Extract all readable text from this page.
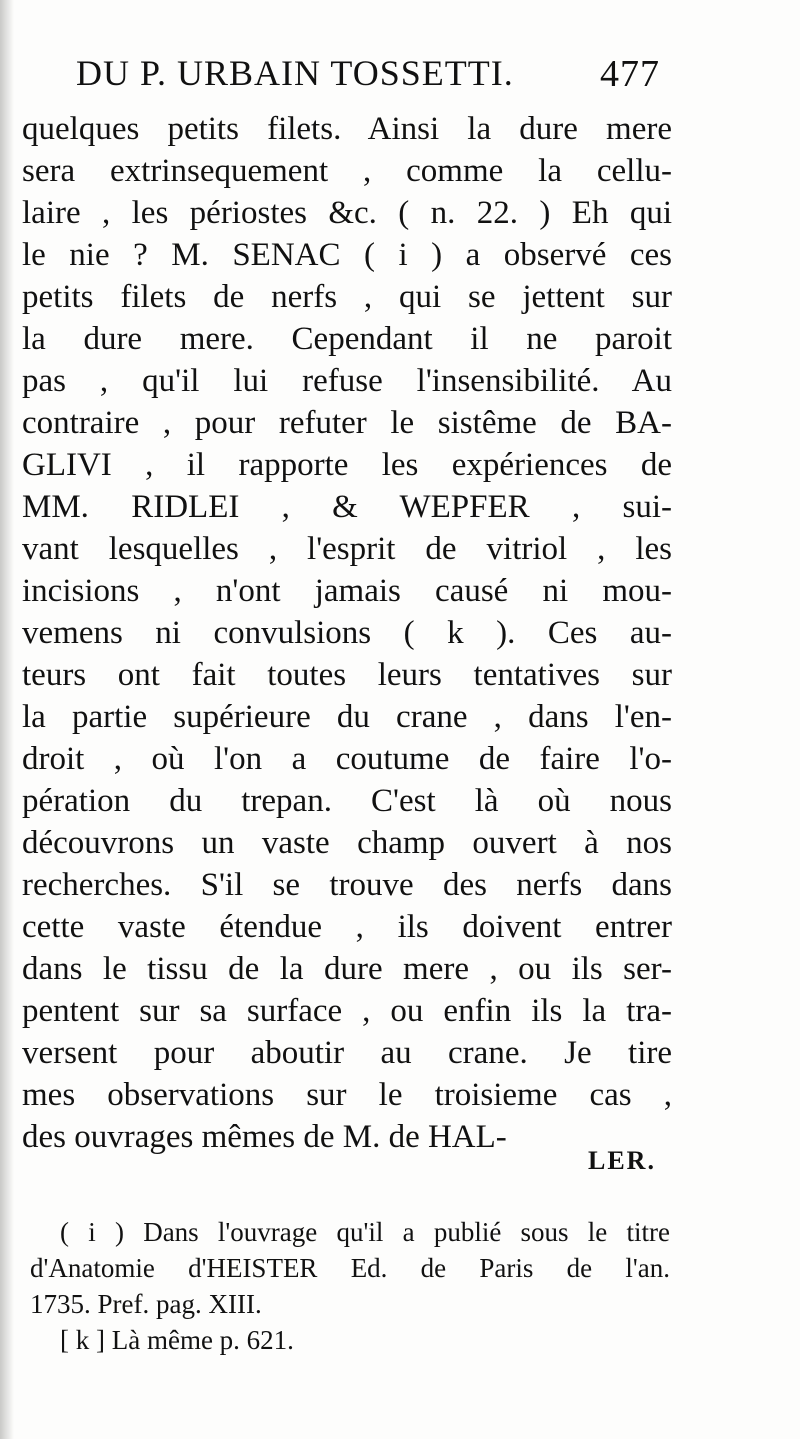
DU P. URBAIN TOSSETTI. 477
quelques petits filets. Ainsi la dure mere
sera extrinsequement , comme la cellu-
laire , les périostes &c. ( n. 22. ) Eh qui
le nie ? M. SENAC ( i ) a observé ces
petits filets de nerfs , qui se jettent sur
la dure mere. Cependant il ne paroit
pas , qu'il lui refuse l'insensibilité. Au
contraire , pour refuter le sistême de BA-
GLIVI , il rapporte les expériences de
MM. RIDLEI , & WEPFER , sui-
vant lesquelles , l'esprit de vitriol , les
incisions , n'ont jamais causé ni mou-
vemens ni convulsions ( k ). Ces au-
teurs ont fait toutes leurs tentatives sur
la partie supérieure du crane , dans l'en-
droit , où l'on a coutume de faire l'o-
pération du trepan. C'est là où nous
découvrons un vaste champ ouvert à nos
recherches. S'il se trouve des nerfs dans
cette vaste étendue , ils doivent entrer
dans le tissu de la dure mere , ou ils ser-
pentent sur sa surface , ou enfin ils la tra-
versent pour aboutir au crane. Je tire
mes observations sur le troisieme cas ,
des ouvrages mêmes de M. de HAL-
LER.
( i ) Dans l'ouvrage qu'il a publié sous le titre
d'Anatomie d'HEISTER Ed. de Paris de l'an.
1735. Pref. pag. XIII.
[ k ] Là même p. 621.
